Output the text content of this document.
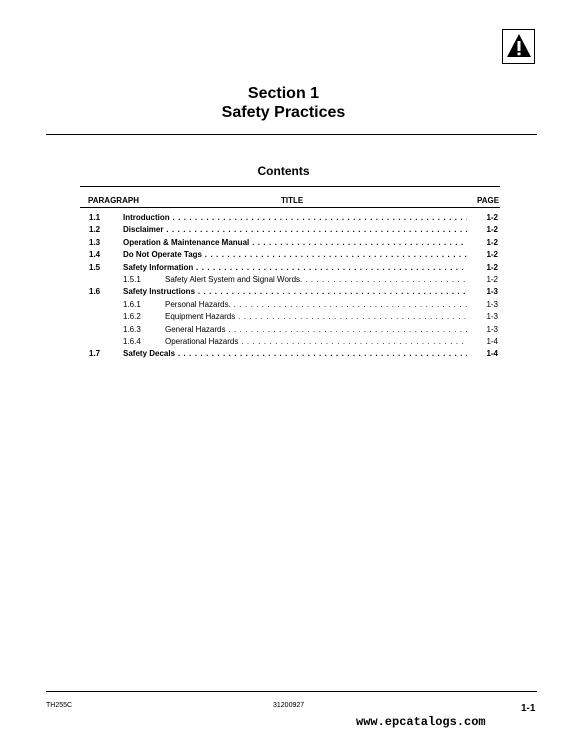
Section 1
Safety Practices
Contents
PARAGRAPH	TITLE	PAGE
1.1	Introduction . . .	1-2
1.2	Disclaimer . . .	1-2
1.3	Operation & Maintenance Manual . . .	1-2
1.4	Do Not Operate Tags . . .	1-2
1.5	Safety Information . . .	1-2
1.5.1	Safety Alert System and Signal Words. . . .	1-2
1.6	Safety Instructions . . .	1-3
1.6.1	Personal Hazards. . . .	1-3
1.6.2	Equipment Hazards . . .	1-3
1.6.3	General Hazards . . .	1-3
1.6.4	Operational Hazards . . .	1-4
1.7	Safety Decals . . .	1-4
TH255C	31200927
www.epcatalogs.com
1-1
